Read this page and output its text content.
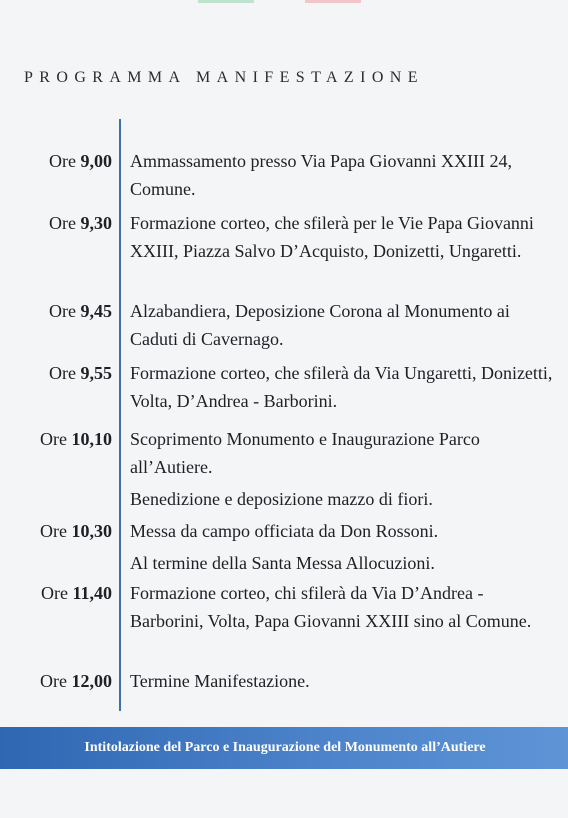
PROGRAMMA MANIFESTAZIONE
Ore 9,00 Ammassamento presso Via Papa Giovanni XXIII 24, Comune.

Ore 9,30 Formazione corteo, che sfilerà per le Vie Papa Giovanni XXIII, Piazza Salvo D’Acquisto, Donizetti, Ungaretti.

Ore 9,45 Alzabandiera, Deposizione Corona al Monumento ai Caduti di Cavernago.

Ore 9,55 Formazione corteo, che sfilerà da Via Ungaretti, Donizetti, Volta, D’Andrea - Barborini.

Ore 10,10 Scoprimento Monumento e Inaugurazione Parco all’Autiere.

Benedizione e deposizione mazzo di fiori.

Ore 10,30 Messa da campo officiata da Don Rossoni.

Al termine della Santa Messa Allocuzioni.

Ore 11,40 Formazione corteo, chi sfilerà da Via D’Andrea - Barborini, Volta, Papa Giovanni XXIII sino al Comune.

Ore 12,00 Termine Manifestazione.

Intitolazione del Parco e Inaugurazione del Monumento all’Autiere
